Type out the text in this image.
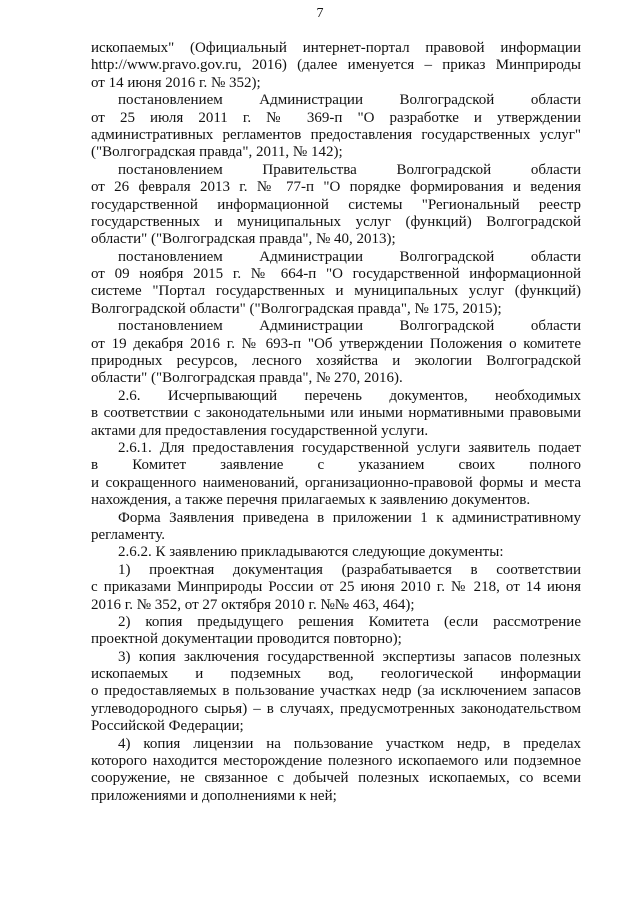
7
ископаемых" (Официальный интернет-портал правовой информации
http://www.pravo.gov.ru, 2016) (далее именуется – приказ Минприроды
от 14 июня 2016 г. № 352);
постановлением Администрации Волгоградской области
от 25 июля 2011 г. № 369-п "О разработке и утверждении
административных регламентов предоставления государственных услуг"
("Волгоградская правда", 2011, № 142);
постановлением Правительства Волгоградской области
от 26 февраля 2013 г. № 77-п "О порядке формирования и ведения
государственной информационной системы "Региональный реестр
государственных и муниципальных услуг (функций) Волгоградской
области" ("Волгоградская правда", № 40, 2013);
постановлением Администрации Волгоградской области
от 09 ноября 2015 г. № 664-п "О государственной информационной
системе "Портал государственных и муниципальных услуг (функций)
Волгоградской области" ("Волгоградская правда", № 175, 2015);
постановлением Администрации Волгоградской области
от 19 декабря 2016 г. № 693-п "Об утверждении Положения о комитете
природных ресурсов, лесного хозяйства и экологии Волгоградской
области" ("Волгоградская правда", № 270, 2016).
2.6. Исчерпывающий перечень документов, необходимых
в соответствии с законодательными или иными нормативными правовыми
актами для предоставления государственной услуги.
2.6.1. Для предоставления государственной услуги заявитель подает
в Комитет заявление с указанием своих полного
и сокращенного наименований, организационно-правовой формы и места
нахождения, а также перечня прилагаемых к заявлению документов.
Форма Заявления приведена в приложении 1 к административному
регламенту.
2.6.2. К заявлению прикладываются следующие документы:
1) проектная документация (разрабатывается в соответствии
с приказами Минприроды России от 25 июня 2010 г. № 218, от 14 июня
2016 г. № 352, от 27 октября 2010 г. №№ 463, 464);
2) копия предыдущего решения Комитета (если рассмотрение
проектной документации проводится повторно);
3) копия заключения государственной экспертизы запасов полезных
ископаемых и подземных вод, геологической информации
о предоставляемых в пользование участках недр (за исключением запасов
углеводородного сырья) – в случаях, предусмотренных законодательством
Российской Федерации;
4) копия лицензии на пользование участком недр, в пределах
которого находится месторождение полезного ископаемого или подземное
сооружение, не связанное с добычей полезных ископаемых, со всеми
приложениями и дополнениями к ней;
